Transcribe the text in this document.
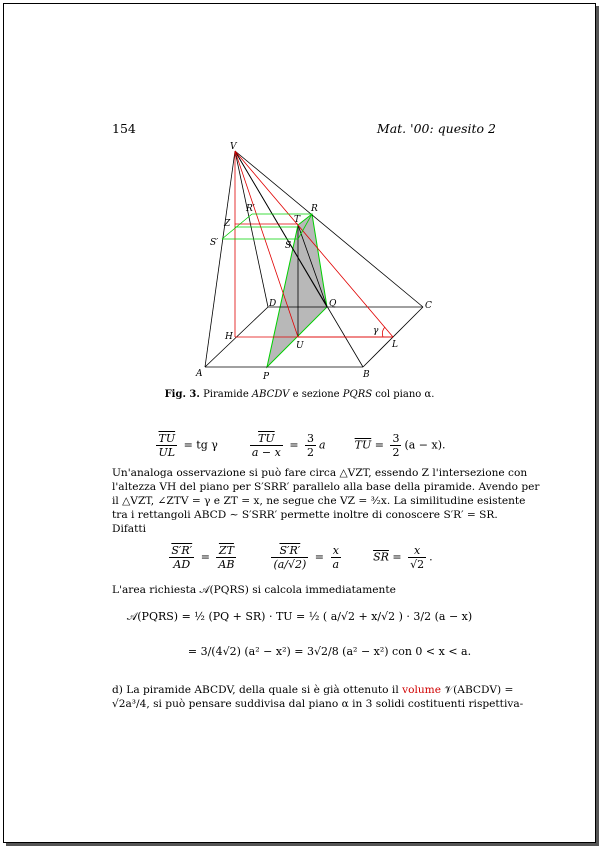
154	Mat. '00: quesito 2
V
R′	R
T
Z
S′	S
D	Q	C
H
U
γ
L
A	B
P
Fig. 3. Piramide ABCDV e sezione PQRS col piano α.
$\frac{\overline{TU}}{UL}$ = tg γ	$\frac{\overline{TU}}{a - x} = \frac{3}{2}$ a	$\overline{TU} = \frac{3}{2} (a - x)$.
Un'analoga osservazione si può fare circa △VZT, essendo Z l'intersezione con
l'altezza VH del piano per S′SRR′ parallelo alla base della piramide. Avendo per
il △VZT, ∠ZTV = γ e ZT = x, ne segue che VZ = ³⁄₂x. La similitudine esistente
tra i rettangoli ABCD ∼ S′SRR′ permette inoltre di conoscere S′R′ = SR.
Difatti
$\frac{S'R'}{AD} = \frac{\overline{ZT}}{AB}$
	$\frac{S'R'}{(a/√2)} = \frac{x}{a}$	$\overline{SR} = \frac{x}{√2}$ .
L'area richiesta 𝒜(PQRS) si calcola immediatamente
𝒜(PQRS) = ½ (PQ + SR) · TU = ½ ( a/√2 + x/√2 ) · 3/2 (a − x)
= 3/(4√2) (a² − x²) = 3√2/8 (a² − x²) con 0 < x < a.
d) La piramide ABCDV, della quale si è già ottenuto il volume 𝒱(ABCDV) =
√2a³/4, si può pensare suddivisa dal piano α in 3 solidi costituenti rispettiva-
